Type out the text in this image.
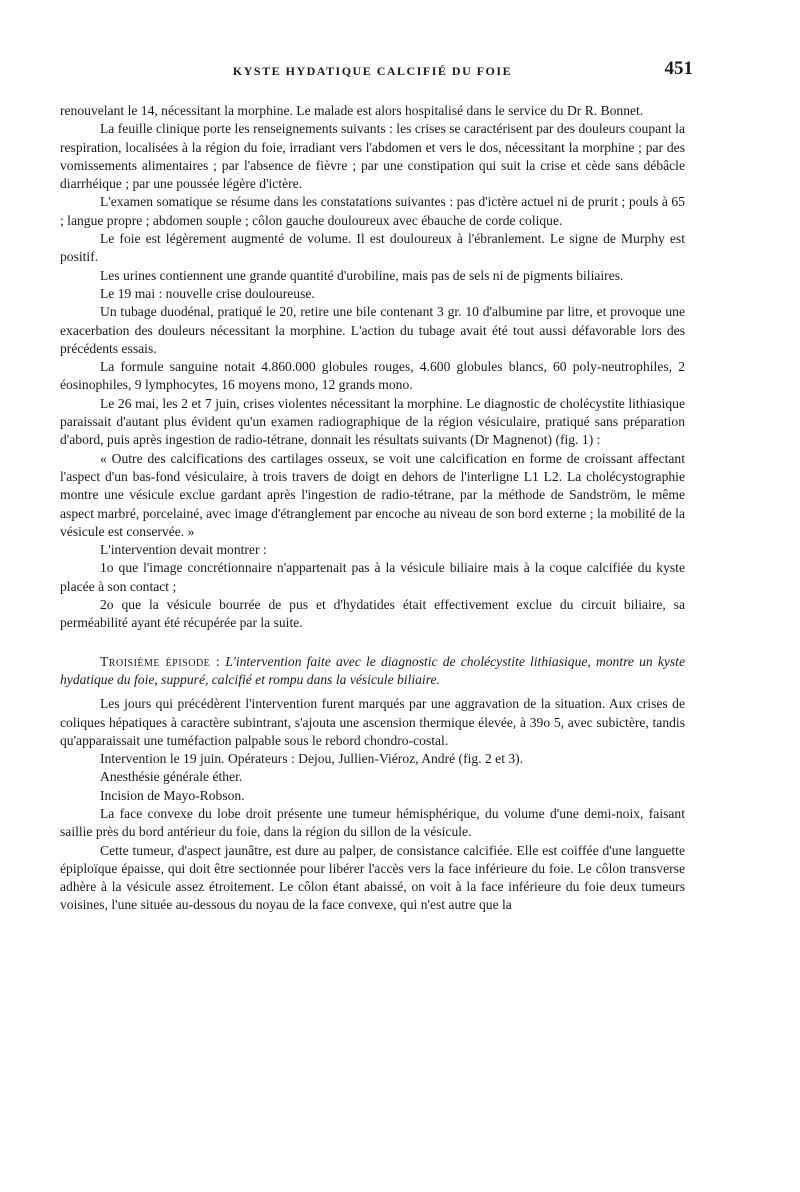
KYSTE HYDATIQUE CALCIFIÉ DU FOIE	451

renouvelant le 14, nécessitant la morphine. Le malade est alors hospitalisé dans le service du Dr R. Bonnet.

La feuille clinique porte les renseignements suivants : les crises se caractérisent par des douleurs coupant la respiration, localisées à la région du foie, irradiant vers l'abdomen et vers le dos, nécessitant la morphine ; par des vomissements alimentaires ; par l'absence de fièvre ; par une constipation qui suit la crise et cède sans débâcle diarrhéique ; par une poussée légère d'ictère.

L'examen somatique se résume dans les constatations suivantes : pas d'ictère actuel ni de prurit ; pouls à 65 ; langue propre ; abdomen souple ; côlon gauche douloureux avec ébauche de corde colique.

Le foie est légèrement augmenté de volume. Il est douloureux à l'ébranlement. Le signe de Murphy est positif.

Les urines contiennent une grande quantité d'urobiline, mais pas de sels ni de pigments biliaires.

Le 19 mai : nouvelle crise douloureuse.

Un tubage duodénal, pratiqué le 20, retire une bile contenant 3 gr. 10 d'albumine par litre, et provoque une exacerbation des douleurs nécessitant la morphine. L'action du tubage avait été tout aussi défavorable lors des précédents essais.

La formule sanguine notait 4.860.000 globules rouges, 4.600 globules blancs, 60 poly-neutrophiles, 2 éosinophiles, 9 lymphocytes, 16 moyens mono, 12 grands mono.

Le 26 mai, les 2 et 7 juin, crises violentes nécessitant la morphine. Le diagnostic de cholécystite lithiasique paraissait d'autant plus évident qu'un examen radiographique de la région vésiculaire, pratiqué sans préparation d'abord, puis après ingestion de radio-tétrane, donnait les résultats suivants (Dr Magnenot) (fig. 1) :

« Outre des calcifications des cartilages osseux, se voit une calcification en forme de croissant affectant l'aspect d'un bas-fond vésiculaire, à trois travers de doigt en dehors de l'interligne L1 L2. La cholécystographie montre une vésicule exclue gardant après l'ingestion de radio-tétrane, par la méthode de Sandström, le même aspect marbré, porcelainé, avec image d'étranglement par encoche au niveau de son bord externe ; la mobilité de la vésicule est conservée. »

L'intervention devait montrer :

1o que l'image concrétionnaire n'appartenait pas à la vésicule biliaire mais à la coque calcifiée du kyste placée à son contact ;

2o que la vésicule bourrée de pus et d'hydatides était effectivement exclue du circuit biliaire, sa perméabilité ayant été récupérée par la suite.

Troisième épisode : L'intervention faite avec le diagnostic de cholécystite lithiasique, montre un kyste hydatique du foie, suppuré, calcifié et rompu dans la vésicule biliaire.

Les jours qui précédèrent l'intervention furent marqués par une aggravation de la situation. Aux crises de coliques hépatiques à caractère subintrant, s'ajouta une ascension thermique élevée, à 39o 5, avec subictère, tandis qu'apparaissait une tuméfaction palpable sous le rebord chondro-costal.

Intervention le 19 juin. Opérateurs : Dejou, Jullien-Viéroz, André (fig. 2 et 3).

Anesthésie générale éther.

Incision de Mayo-Robson.

La face convexe du lobe droit présente une tumeur hémisphérique, du volume d'une demi-noix, faisant saillie près du bord antérieur du foie, dans la région du sillon de la vésicule.

Cette tumeur, d'aspect jaunâtre, est dure au palper, de consistance calcifiée. Elle est coiffée d'une languette épiploïque épaisse, qui doit être sectionnée pour libérer l'accès vers la face inférieure du foie. Le côlon transverse adhère à la vésicule assez étroitement. Le côlon étant abaissé, on voit à la face inférieure du foie deux tumeurs voisines, l'une située au-dessous du noyau de la face convexe, qui n'est autre que la
